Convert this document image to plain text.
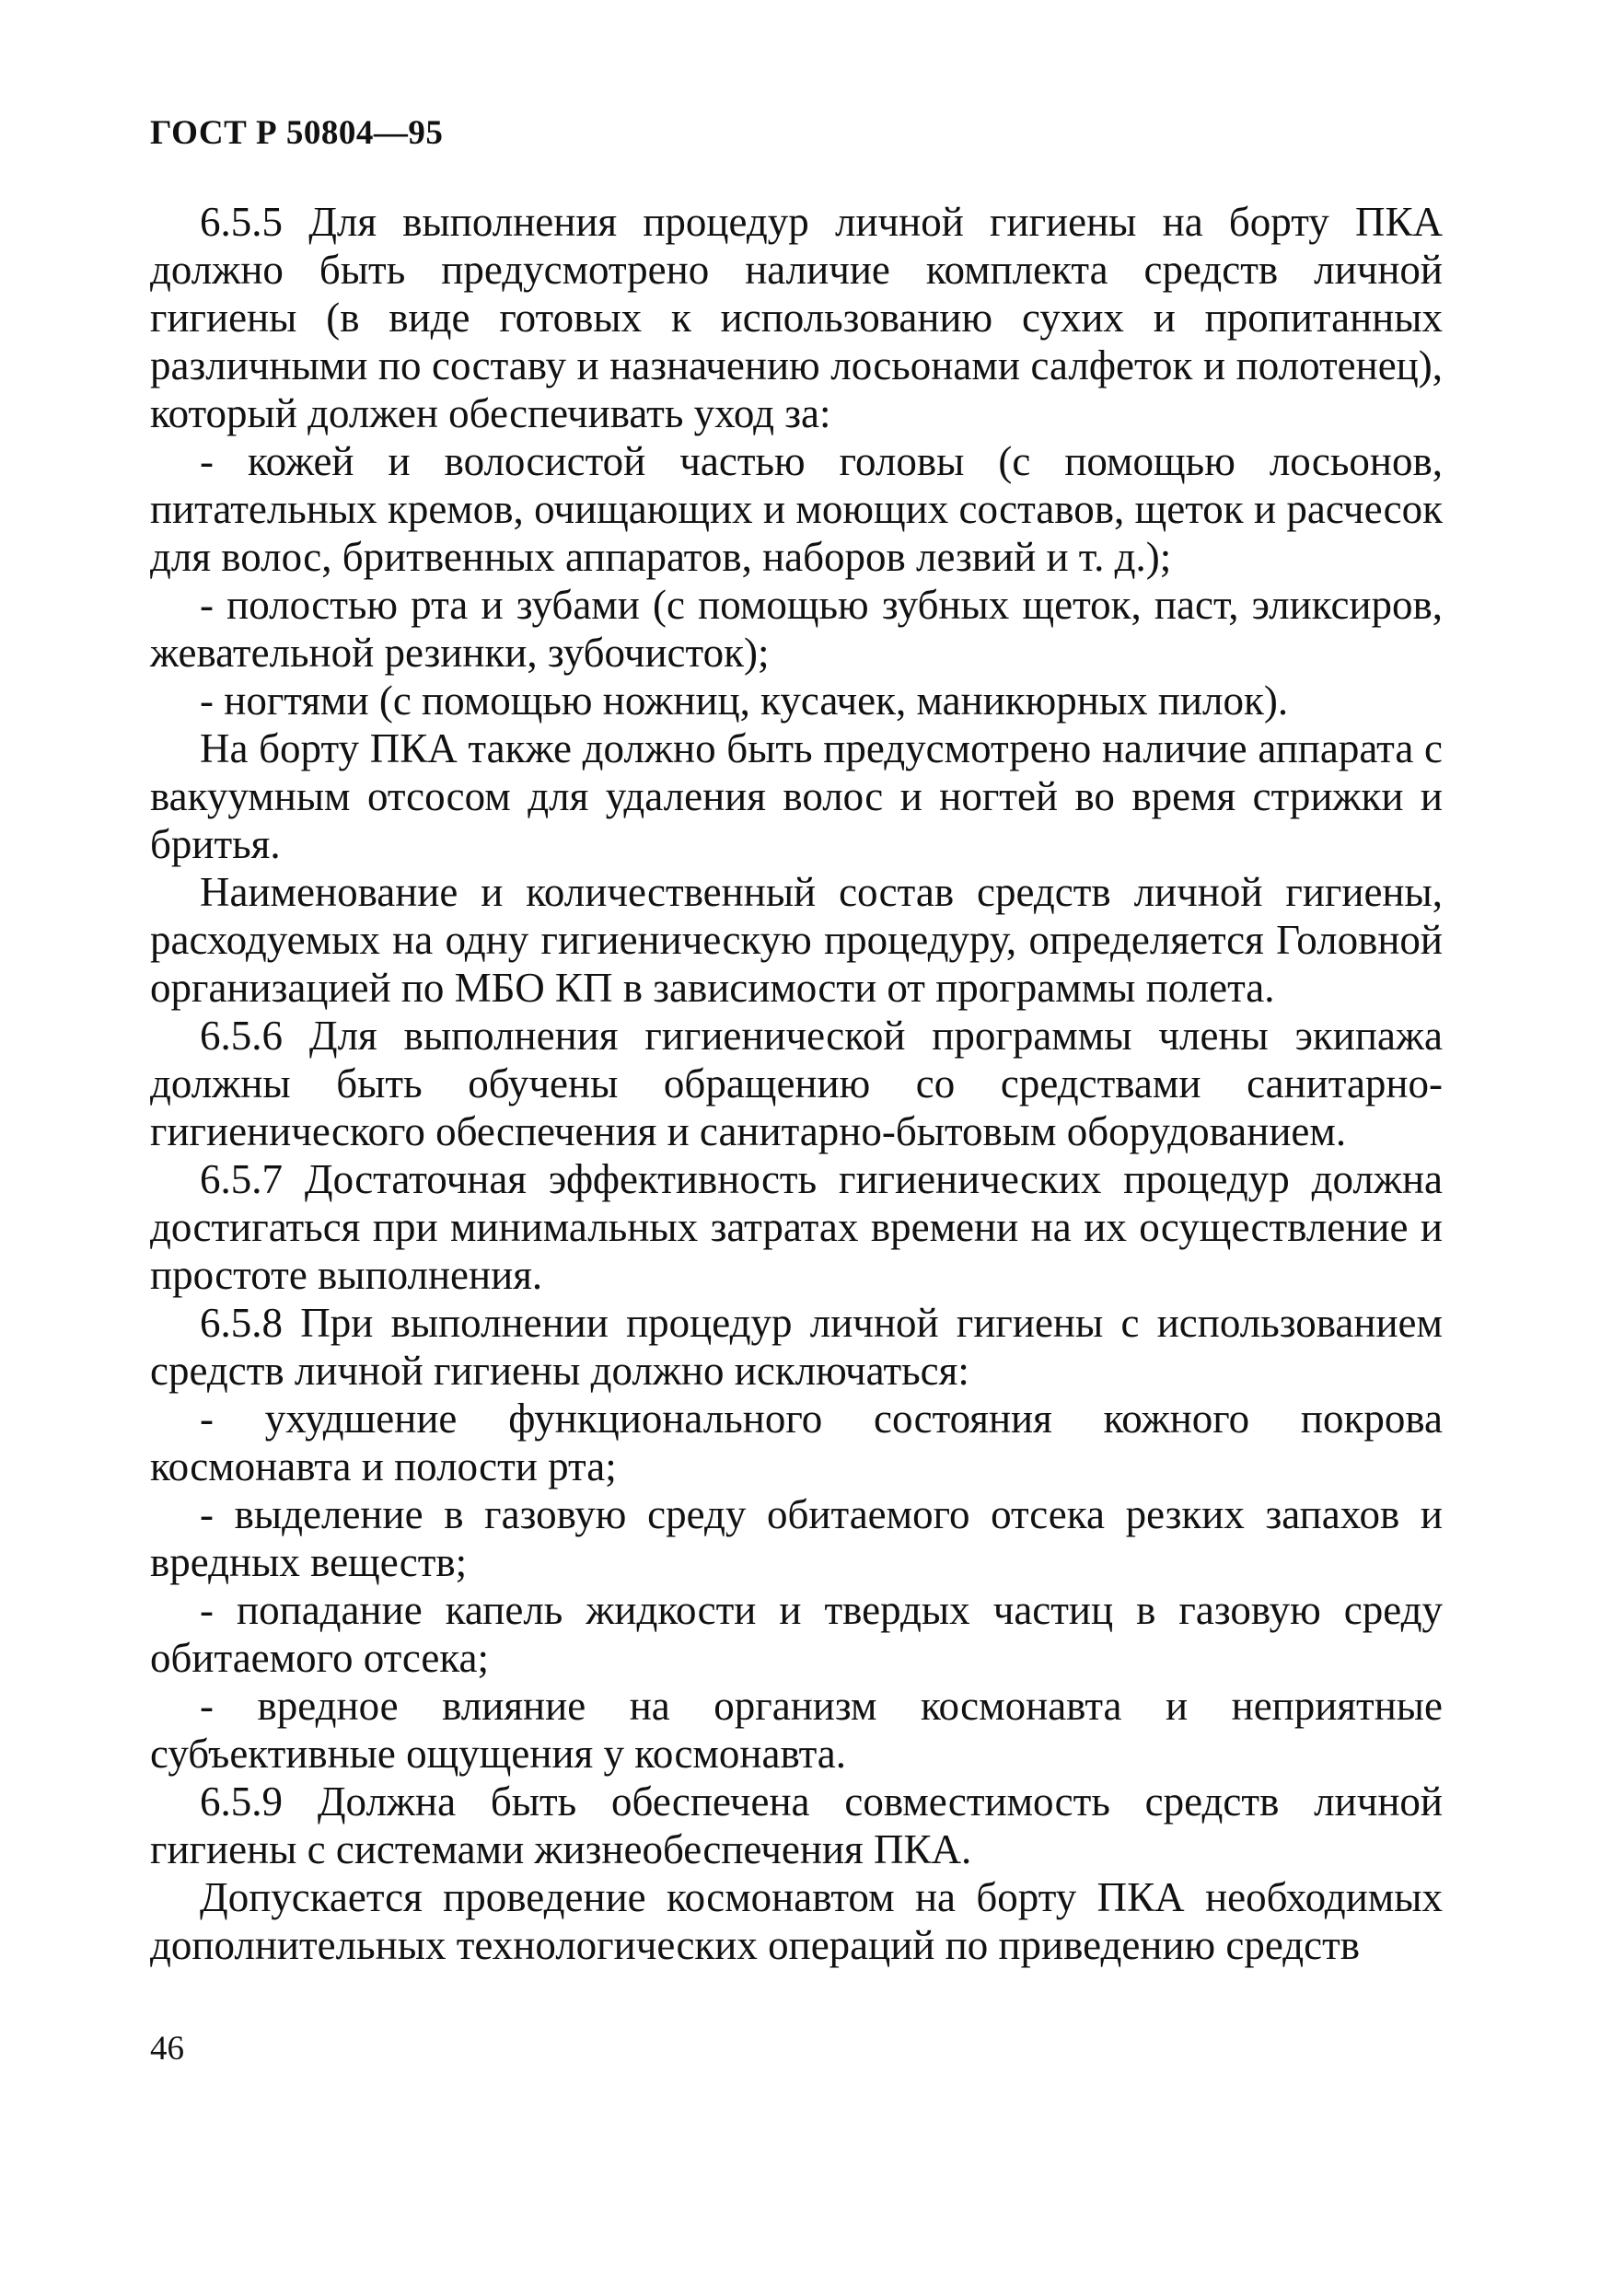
ГОСТ Р 50804—95

6.5.5 Для выполнения процедур личной гигиены на борту ПКА должно быть предусмотрено наличие комплекта средств личной гигиены (в виде готовых к использованию сухих и пропитанных различными по составу и назначению лосьонами салфеток и полотенец), который должен обеспечивать уход за:

- кожей и волосистой частью головы (с помощью лосьонов, питательных кремов, очищающих и моющих составов, щеток и расчесок для волос, бритвенных аппаратов, наборов лезвий и т. д.);

- полостью рта и зубами (с помощью зубных щеток, паст, эликсиров, жевательной резинки, зубочисток);

- ногтями (с помощью ножниц, кусачек, маникюрных пилок).

На борту ПКА также должно быть предусмотрено наличие аппарата с вакуумным отсосом для удаления волос и ногтей во время стрижки и бритья.

Наименование и количественный состав средств личной гигиены, расходуемых на одну гигиеническую процедуру, определяется Головной организацией по МБО КП в зависимости от программы полета.

6.5.6 Для выполнения гигиенической программы члены экипажа должны быть обучены обращению со средствами санитарно-гигиенического обеспечения и санитарно-бытовым оборудованием.

6.5.7 Достаточная эффективность гигиенических процедур должна достигаться при минимальных затратах времени на их осуществление и простоте выполнения.

6.5.8 При выполнении процедур личной гигиены с использованием средств личной гигиены должно исключаться:

- ухудшение функционального состояния кожного покрова космонавта и полости рта;

- выделение в газовую среду обитаемого отсека резких запахов и вредных веществ;

- попадание капель жидкости и твердых частиц в газовую среду обитаемого отсека;

- вредное влияние на организм космонавта и неприятные субъективные ощущения у космонавта.

6.5.9 Должна быть обеспечена совместимость средств личной гигиены с системами жизнеобеспечения ПКА.

Допускается проведение космонавтом на борту ПКА необходимых дополнительных технологических операций по приведению средств

46
